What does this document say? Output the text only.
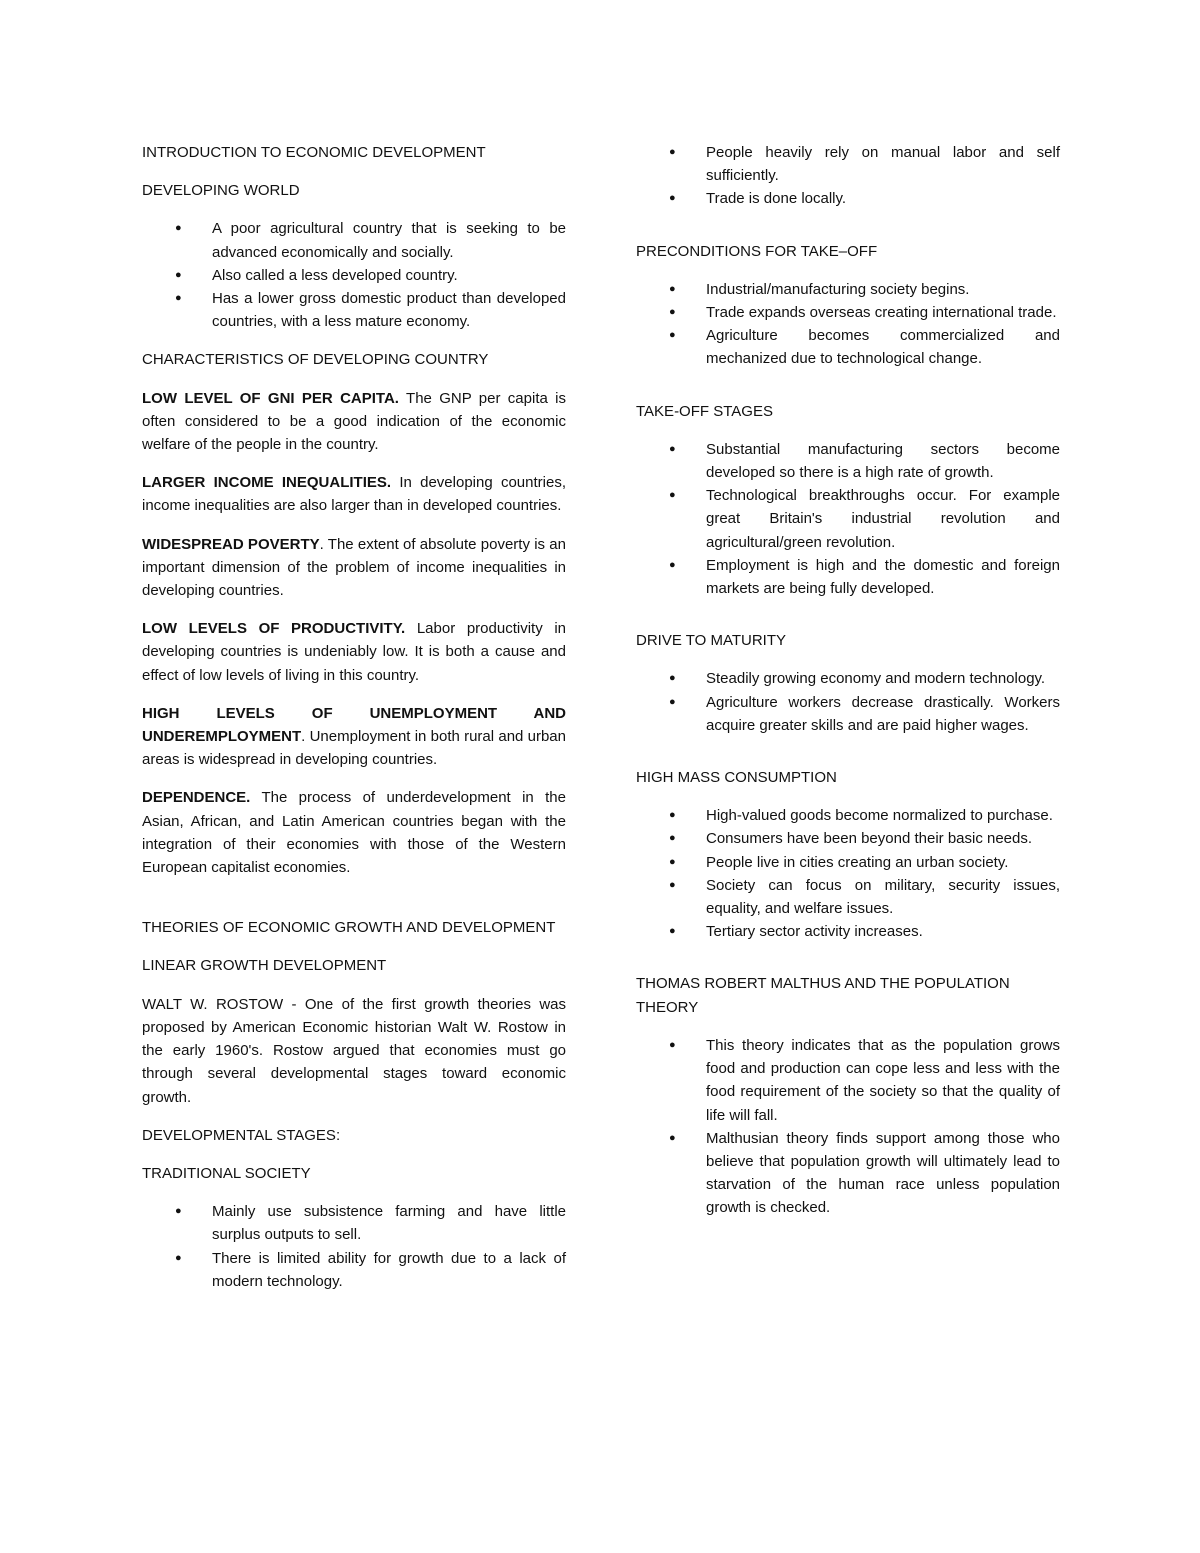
INTRODUCTION TO ECONOMIC DEVELOPMENT
DEVELOPING WORLD
● A poor agricultural country that is seeking to be advanced economically and socially.
● Also called a less developed country.
● Has a lower gross domestic product than developed countries, with a less mature economy.
CHARACTERISTICS OF DEVELOPING COUNTRY

LOW LEVEL OF GNI PER CAPITA. The GNP per capita is often considered to be a good indication of the economic welfare of the people in the country.

LARGER INCOME INEQUALITIES. In developing countries, income inequalities are also larger than in developed countries.

WIDESPREAD POVERTY. The extent of absolute poverty is an important dimension of the problem of income inequalities in developing countries.

LOW LEVELS OF PRODUCTIVITY. Labor productivity in developing countries is undeniably low. It is both a cause and effect of low levels of living in this country.

HIGH LEVELS OF UNEMPLOYMENT AND UNDEREMPLOYMENT. Unemployment in both rural and urban areas is widespread in developing countries.

DEPENDENCE. The process of underdevelopment in the Asian, African, and Latin American countries began with the integration of their economies with those of the Western European capitalist economies.

THEORIES OF ECONOMIC GROWTH AND DEVELOPMENT
LINEAR GROWTH DEVELOPMENT

WALT W. ROSTOW - One of the first growth theories was proposed by American Economic historian Walt W. Rostow in the early 1960's. Rostow argued that economies must go through several developmental stages toward economic growth.

DEVELOPMENTAL STAGES:
TRADITIONAL SOCIETY
● Mainly use subsistence farming and have little surplus outputs to sell.
● There is limited ability for growth due to a lack of modern technology.
● People heavily rely on manual labor and self sufficiently.
● Trade is done locally.
PRECONDITIONS FOR TAKE–OFF
● Industrial/manufacturing society begins.
● Trade expands overseas creating international trade.
● Agriculture becomes commercialized and mechanized due to technological change.
TAKE-OFF STAGES
● Substantial manufacturing sectors become developed so there is a high rate of growth.
● Technological breakthroughs occur. For example great Britain's industrial revolution and agricultural/green revolution.
● Employment is high and the domestic and foreign markets are being fully developed.
DRIVE TO MATURITY
● Steadily growing economy and modern technology.
● Agriculture workers decrease drastically. Workers acquire greater skills and are paid higher wages.
HIGH MASS CONSUMPTION
● High-valued goods become normalized to purchase.
● Consumers have been beyond their basic needs.
● People live in cities creating an urban society.
● Society can focus on military, security issues, equality, and welfare issues.
● Tertiary sector activity increases.
THOMAS ROBERT MALTHUS AND THE POPULATION THEORY
● This theory indicates that as the population grows food and production can cope less and less with the food requirement of the society so that the quality of life will fall.
● Malthusian theory finds support among those who believe that population growth will ultimately lead to starvation of the human race unless population growth is checked.
